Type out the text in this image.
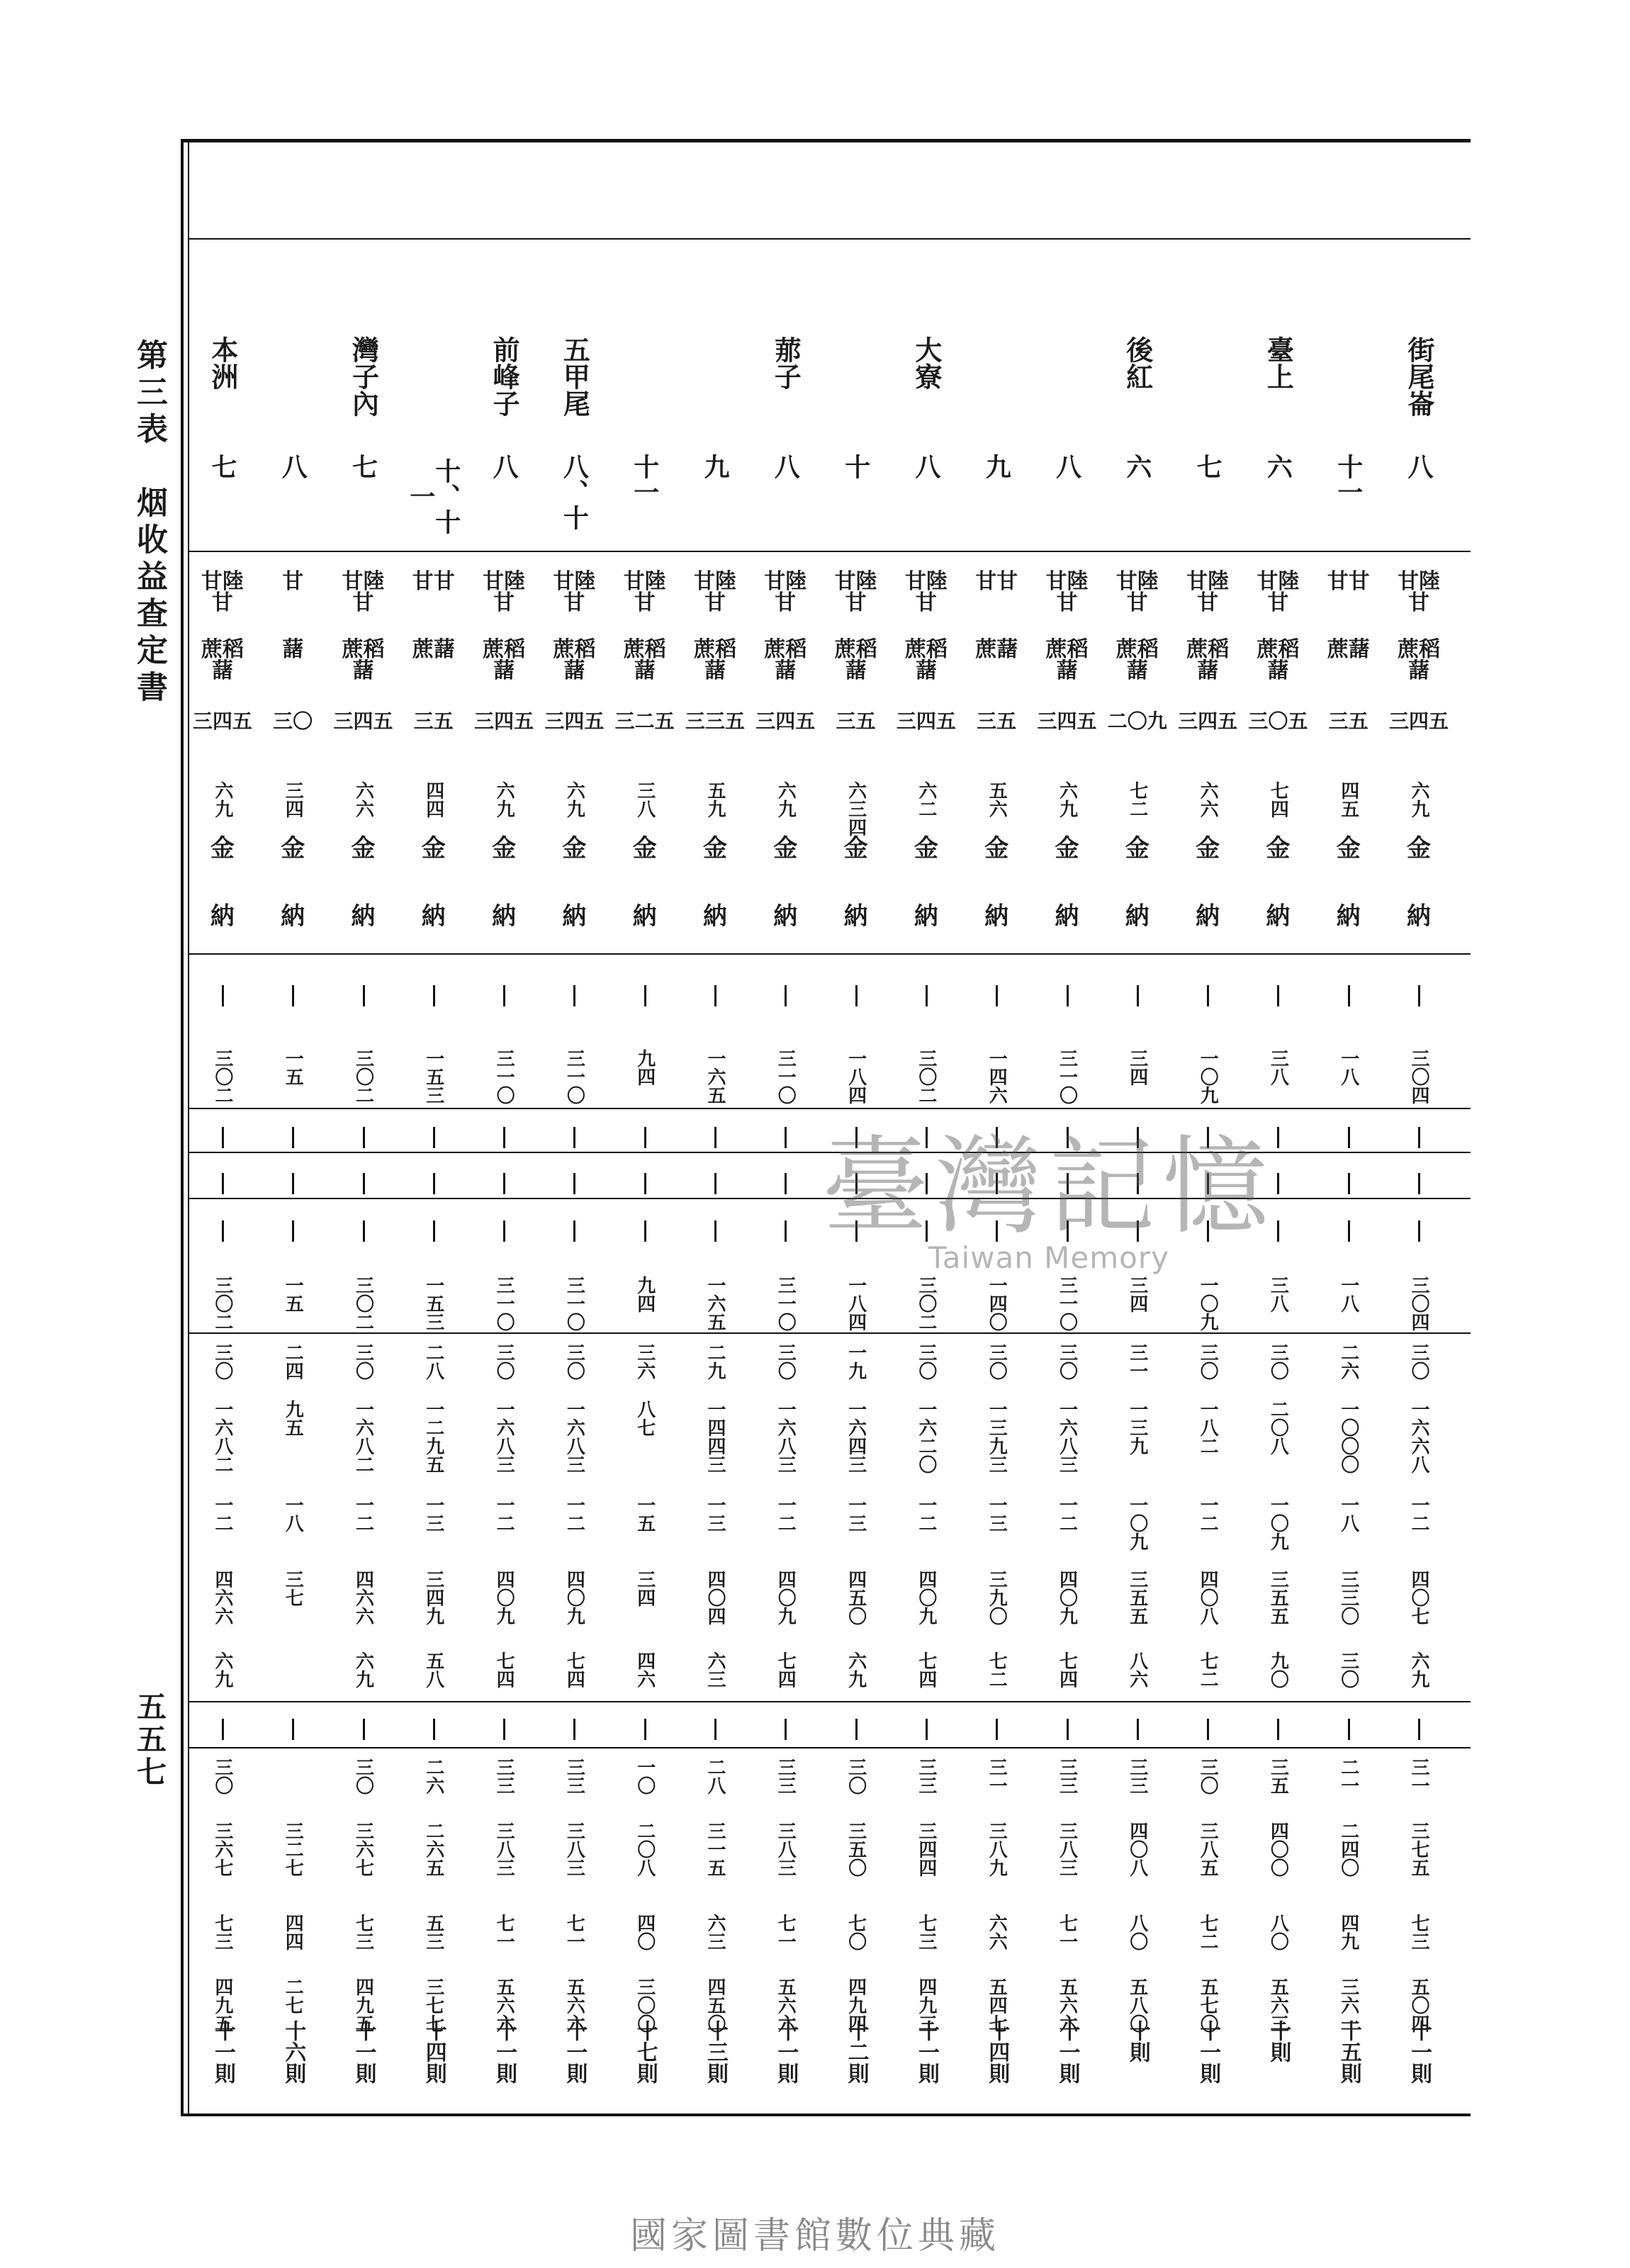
第三表　烟收益查定書
五五七
街尾崙
八
甘陸甘
蔗稻藷
三四五
六九
金
納
三〇四
三〇四
三〇
一六六八
一二
四〇七
六九
三一
三七五
七三
五〇四
十一則
十一
甘甘
蔗藷
三五
四五
金
納
一八
一八
二六
一〇〇〇
一八
三三〇
三〇
二一
二四〇
四九
三六一
十五則
臺上
六
甘陸甘
蔗稻藷
三〇五
七四
金
納
三八
三八
三〇
二〇八
一〇九
三五五
九〇
三五
四〇〇
八〇
五六三
十則
七
甘陸甘
蔗稻藷
三四五
六六
金
納
一〇九
一〇九
三〇
一八二
一二
四〇八
七二
三〇
三八五
七二
五七〇
十一則
後紅
六
甘陸甘
蔗稻藷
二〇九
七二
金
納
三四
三四
三一
一三九
一〇九
三五五
八六
三三
四〇八
八〇
五八〇
十則
八
甘陸甘
蔗稻藷
三四五
六九
金
納
三一〇
三一〇
三〇
一六八三
一二
四〇九
七四
三三
三八三
七一
五六六
十一則
九
甘甘
蔗藷
三五
五六
金
納
一四六
一四〇
三〇
一三九三
一三
三九〇
七二
三一
三八九
六六
五四七
十四則
大寮
八
甘陸甘
蔗稻藷
三四五
六二
金
納
三〇二
三〇二
三〇
一六二〇
一二
四〇九
七四
三三
三四四
七三
四九三
十一則
十
甘陸甘
蔗稻藷
三五
六三四
金
納
一八四
一八四
一九
一六四三
一三
四五〇
六九
三〇
三五〇
七〇
四九四
十二則
𦰡子
八
甘陸甘
蔗稻藷
三四五
六九
金
納
三一〇
三一〇
三〇
一六八三
一二
四〇九
七四
三三
三八三
七一
五六六
十一則
九
甘陸甘
蔗稻藷
三三五
五九
金
納
一六五
一六五
二九
一四四三
一三
四〇四
六三
二八
三一五
六三
四五〇
十三則
十一
甘陸甘
蔗稻藷
三二五
三八
金
納
九四
九四
三六
八七
一五
三四
四六
一〇
二〇八
四〇
三〇〇
十七則
五甲尾
八、十
甘陸甘
蔗稻藷
三四五
六九
金
納
三一〇
三一〇
三〇
一六八三
一二
四〇九
七四
三三
三八三
七一
五六六
十一則
前峰子
八
甘陸甘
蔗稻藷
三四五
六九
金
納
三一〇
三一〇
三〇
一六八三
一二
四〇九
七四
三三
三八三
七一
五六六
十一則
十、十一
甘甘
蔗藷
三五
四四
金
納
一五三
一五三
二八
一二九五
一三
三四九
五八
二六
二六五
五三
三七七
十四則
灣子內
七
甘陸甘
蔗稻藷
三四五
六六
金
納
三〇二
三〇二
三〇
一六八二
一二
四六六
六九
三〇
三六七
七三
四九五
十一則
八
甘
藷
三〇
三四
金
納
一五
一五
二四
九五
一八
三七
三二七
四四
二七
十六則
本洲
七
甘陸甘
蔗稻藷
三四五
六九
金
納
三〇二
三〇二
三〇
一六八二
一二
四六六
六九
三〇
三六七
七三
四九五
十一則
臺灣記憶
Taiwan Memory
國家圖書館數位典藏
